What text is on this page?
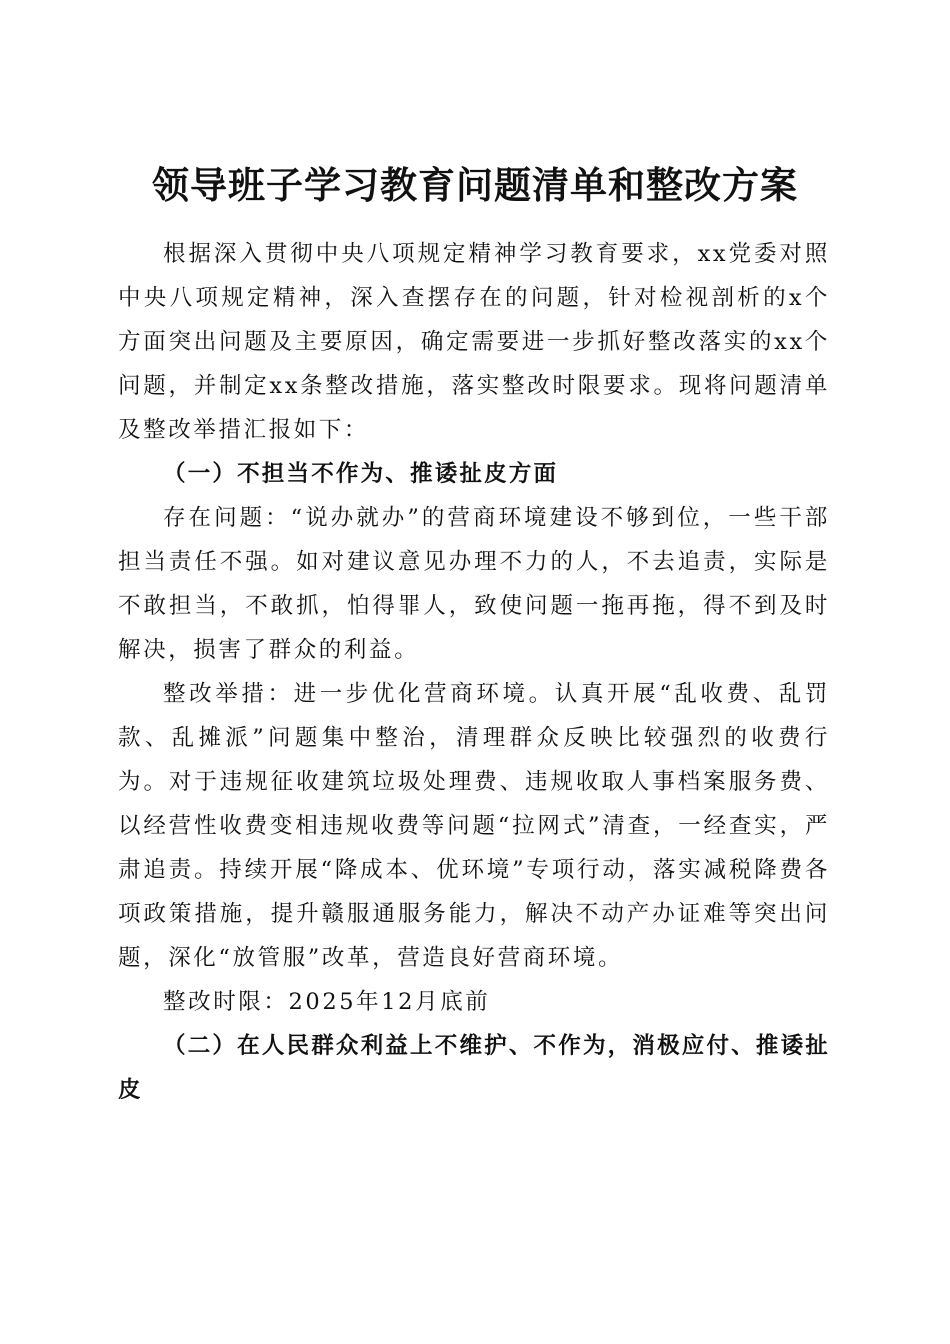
领导班子学习教育问题清单和整改方案

根据深入贯彻中央八项规定精神学习教育要求，xx党委对照中央八项规定精神，深入查摆存在的问题，针对检视剖析的x个方面突出问题及主要原因，确定需要进一步抓好整改落实的xx个问题，并制定xx条整改措施，落实整改时限要求。现将问题清单及整改举措汇报如下：

（一）不担当不作为、推诿扯皮方面

存在问题：“说办就办”的营商环境建设不够到位，一些干部担当责任不强。如对建议意见办理不力的人，不去追责，实际是不敢担当，不敢抓，怕得罪人，致使问题一拖再拖，得不到及时解决，损害了群众的利益。

整改举措：进一步优化营商环境。认真开展“乱收费、乱罚款、乱摊派”问题集中整治，清理群众反映比较强烈的收费行为。对于违规征收建筑垃圾处理费、违规收取人事档案服务费、以经营性收费变相违规收费等问题“拉网式”清查，一经查实，严肃追责。持续开展“降成本、优环境”专项行动，落实减税降费各项政策措施，提升赣服通服务能力，解决不动产办证难等突出问题，深化“放管服”改革，营造良好营商环境。

整改时限：2025年12月底前

（二）在人民群众利益上不维护、不作为，消极应付、推诿扯皮
